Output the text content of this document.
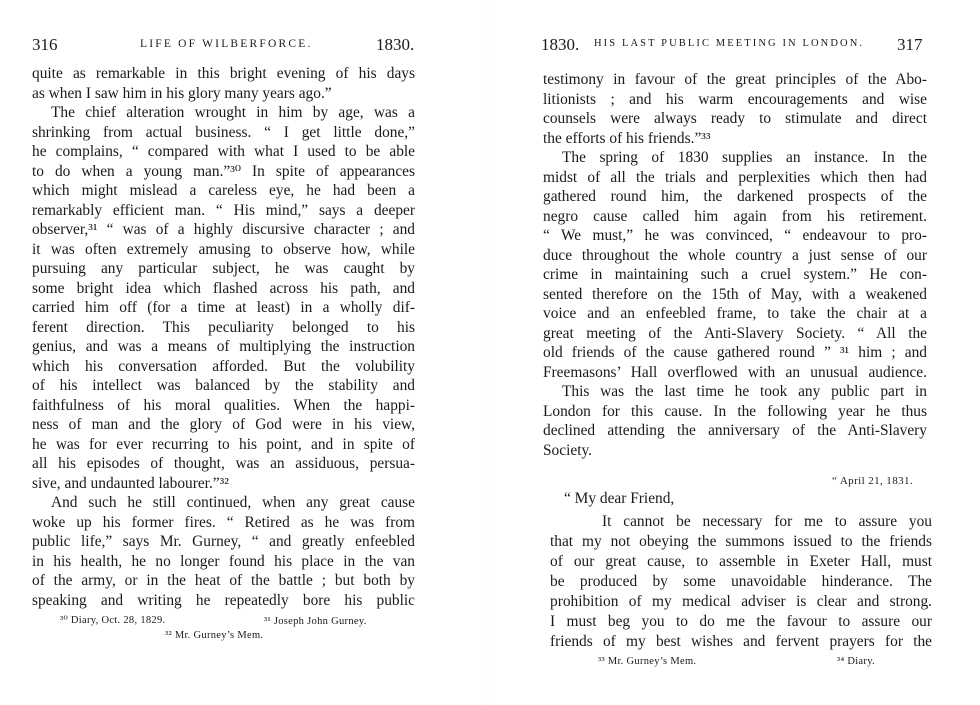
316	LIFE OF WILBERFORCE.	1830.
quite as remarkable in this bright evening of his days
as when I saw him in his glory many years ago.”
The chief alteration wrought in him by age, was a
shrinking from actual business. “ I get little done,”
he complains, “ compared with what I used to be able
to do when a young man.”³⁰ In spite of appearances
which might mislead a careless eye, he had been a
remarkably efficient man. “ His mind,” says a deeper
observer,³¹ “ was of a highly discursive character ; and
it was often extremely amusing to observe how, while
pursuing any particular subject, he was caught by
some bright idea which flashed across his path, and
carried him off (for a time at least) in a wholly dif-
ferent direction. This peculiarity belonged to his
genius, and was a means of multiplying the instruction
which his conversation afforded. But the volubility
of his intellect was balanced by the stability and
faithfulness of his moral qualities. When the happi-
ness of man and the glory of God were in his view,
he was for ever recurring to his point, and in spite of
all his episodes of thought, was an assiduous, persua-
sive, and undaunted labourer.”³²
And such he still continued, when any great cause
woke up his former fires. “ Retired as he was from
public life,” says Mr. Gurney, “ and greatly enfeebled
in his health, he no longer found his place in the van
of the army, or in the heat of the battle ; but both by
speaking and writing he repeatedly bore his public
³⁰ Diary, Oct. 28, 1829.	³¹ Joseph John Gurney.
³² Mr. Gurney’s Mem.
1830. HIS LAST PUBLIC MEETING IN LONDON. 317
testimony in favour of the great principles of the Abo-
litionists ; and his warm encouragements and wise
counsels were always ready to stimulate and direct
the efforts of his friends.”³³
The spring of 1830 supplies an instance. In the
midst of all the trials and perplexities which then had
gathered round him, the darkened prospects of the
negro cause called him again from his retirement.
“ We must,” he was convinced, “ endeavour to pro-
duce throughout the whole country a just sense of our
crime in maintaining such a cruel system.” He con-
sented therefore on the 15th of May, with a weakened
voice and an enfeebled frame, to take the chair at a
great meeting of the Anti-Slavery Society. “ All the
old friends of the cause gathered round ” ³¹ him ; and
Freemasons’ Hall overflowed with an unusual audience.
This was the last time he took any public part in
London for this cause. In the following year he thus
declined attending the anniversary of the Anti-Slavery
Society.
“ April 21, 1831.
“ My dear Friend,
It cannot be necessary for me to assure you
that my not obeying the summons issued to the friends
of our great cause, to assemble in Exeter Hall, must
be produced by some unavoidable hinderance. The
prohibition of my medical adviser is clear and strong.
I must beg you to do me the favour to assure our
friends of my best wishes and fervent prayers for the
³³ Mr. Gurney’s Mem.	³⁴ Diary.
